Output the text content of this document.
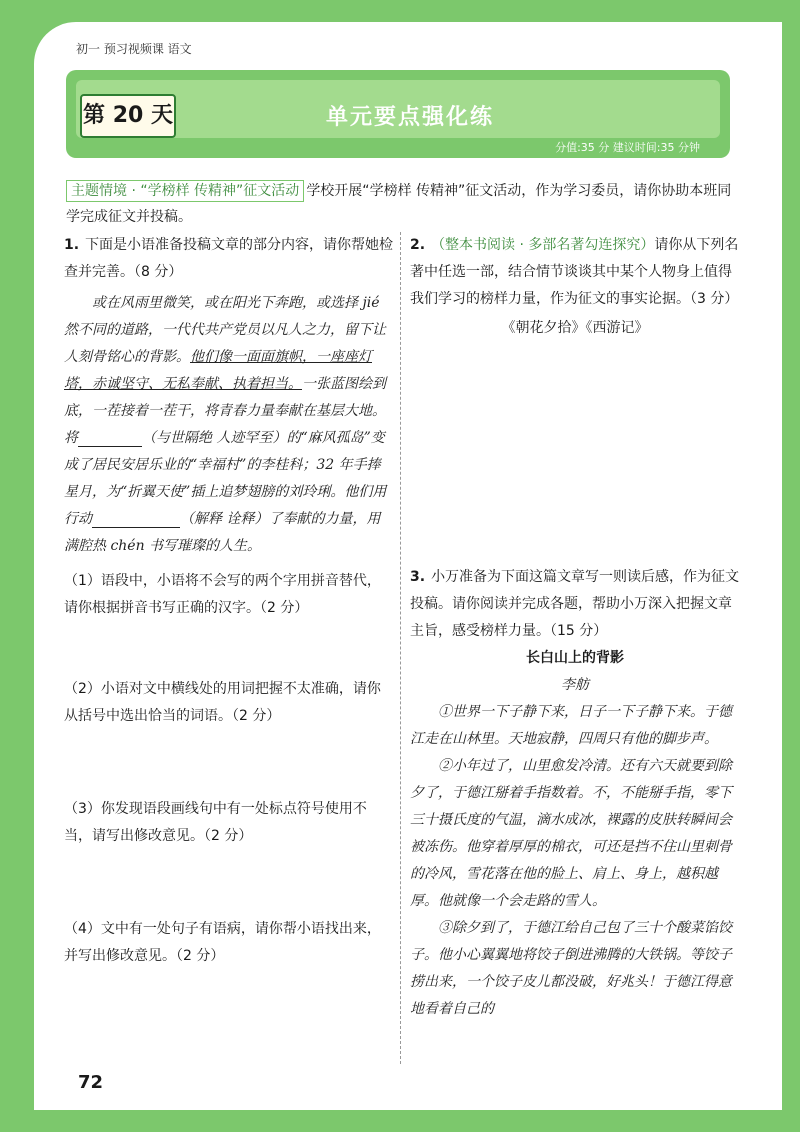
初一 预习视频课 语文
第 20 天	单元要点强化练
分值:35 分 建议时间:35 分钟
主题情境 · “学榜样 传精神”征文活动 学校开展“学榜样 传精神”征文活动，作为学习委员，请你协助本班同学完成征文并投稿。
1. 下面是小语准备投稿文章的部分内容，请你帮她检查并完善。（8 分）
或在风雨里微笑，或在阳光下奔跑，或选择 jié 然不同的道路，一代代共产党员以凡人之力，留下让人刻骨铭心的背影。他们像一面面旗帜，一座座灯塔，赤诚坚守、无私奉献、执着担当。一张蓝图绘到底，一茬接着一茬干，将青春力量奉献在基层大地。将	（与世隔绝 人迹罕至）的“麻风孤岛”变成了居民安居乐业的“幸福村”的李桂科；32 年手捧星月，为“折翼天使”插上追梦翅膀的刘玲琍。他们用行动	（解释 诠释）了奉献的力量，用满腔热 chén 书写璀璨的人生。
（1）语段中，小语将不会写的两个字用拼音替代，请你根据拼音书写正确的汉字。（2 分）
（2）小语对文中横线处的用词把握不太准确，请你从括号中选出恰当的词语。（2 分）
（3）你发现语段画线句中有一处标点符号使用不当，请写出修改意见。（2 分）
（4）文中有一处句子有语病，请你帮小语找出来，并写出修改意见。（2 分）
2. （整本书阅读 · 多部名著勾连探究）请你从下列名著中任选一部，结合情节谈谈其中某个人物身上值得我们学习的榜样力量，作为征文的事实论据。（3 分）
《朝花夕拾》《西游记》
3. 小万准备为下面这篇文章写一则读后感，作为征文投稿。请你阅读并完成各题，帮助小万深入把握文章主旨，感受榜样力量。（15 分）
长白山上的背影
李舫
①世界一下子静下来，日子一下子静下来。于德江走在山林里。天地寂静，四周只有他的脚步声。
②小年过了，山里愈发冷清。还有六天就要到除夕了，于德江掰着手指数着。不，不能掰手指，零下三十摄氏度的气温，滴水成冰，裸露的皮肤转瞬间会被冻伤。他穿着厚厚的棉衣，可还是挡不住山里刺骨的冷风，雪花落在他的脸上、肩上、身上，越积越厚。他就像一个会走路的雪人。
③除夕到了，于德江给自己包了三十个酸菜馅饺子。他小心翼翼地将饺子倒进沸腾的大铁锅。等饺子捞出来，一个饺子皮儿都没破，好兆头！于德江得意地看着自己的
72
